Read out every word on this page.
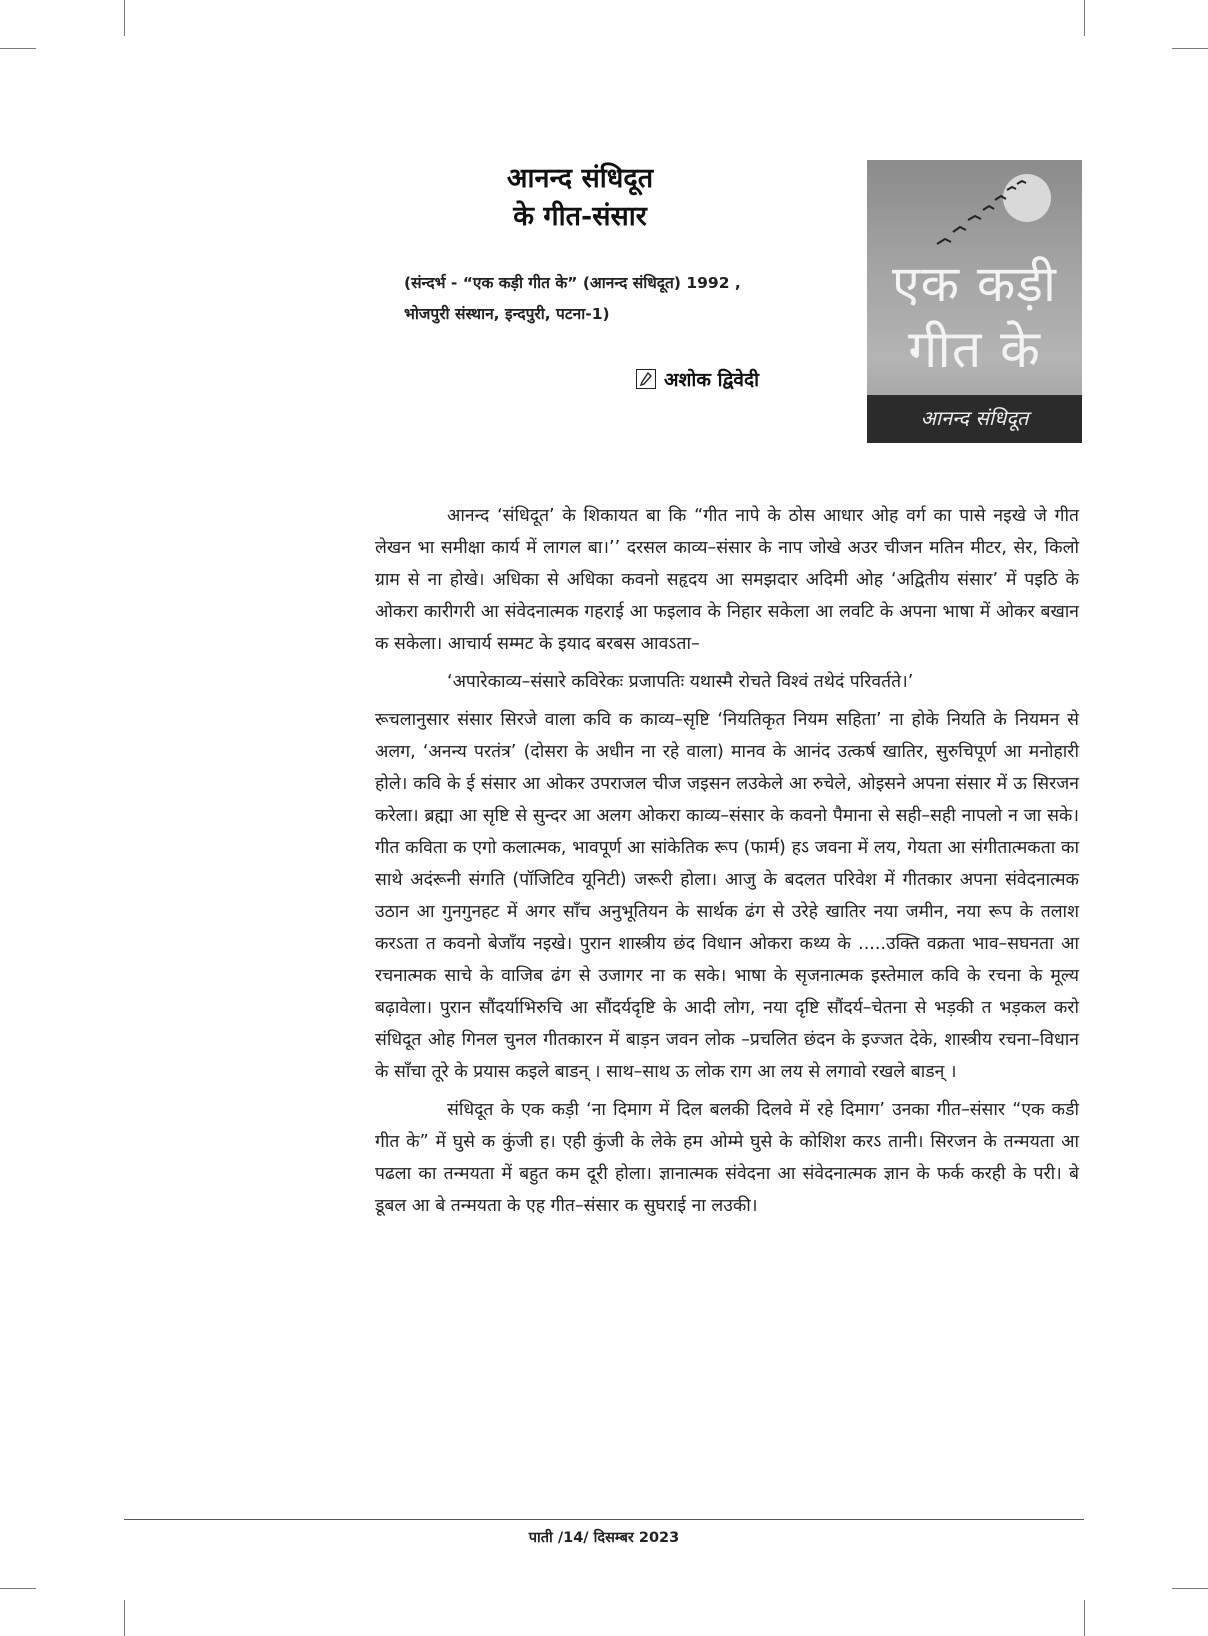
आनन्द संधिदूत
के गीत-संसार
(संन्दर्भ - “एक कड़ी गीत के” (आनन्द संधिदूत) 1992 ,
भोजपुरी संस्थान, इन्दपुरी, पटना-1)
अशोक द्विवेदी
एक कड़ी
गीत के
आनन्द संधिदूत

आनन्द ‘संधिदूत’ के शिकायत बा कि “गीत नापे के ठोस आधार ओह वर्ग का पासे नइखे जे गीत लेखन भा समीक्षा कार्य में लागल बा।’’ दरसल काव्य–संसार के नाप जोखे अउर चीजन मतिन मीटर, सेर, किलो ग्राम से ना होखे। अधिका से अधिका कवनो सहृदय आ समझदार अदिमी ओह ‘अद्वितीय संसार’ में पइठि के ओकरा कारीगरी आ संवेदनात्मक गहराई आ फइलाव के निहार सकेला आ लवटि के अपना भाषा में ओकर बखान क सकेला। आचार्य सम्मट के इयाद बरबस आवऽता–

‘अपारेकाव्य–संसारे कविरेकः प्रजापतिः यथास्मै रोचते विश्वं तथेदं परिवर्तते।’

रूचलानुसार संसार सिरजे वाला कवि क काव्य–सृष्टि ‘नियतिकृत नियम सहिता’ ना होके नियति के नियमन से अलग, ‘अनन्य परतंत्र’ (दोसरा के अधीन ना रहे वाला) मानव के आनंद उत्कर्ष खातिर, सुरुचिपूर्ण आ मनोहारी होले। कवि के ई संसार आ ओकर उपराजल चीज जइसन लउकेले आ रुचेले, ओइसने अपना संसार में ऊ सिरजन करेला। ब्रह्मा आ सृष्टि से सुन्दर आ अलग ओकरा काव्य–संसार के कवनो पैमाना से सही–सही नापलो न जा सके। गीत कविता क एगो कलात्मक, भावपूर्ण आ सांकेतिक रूप (फार्म) हऽ जवना में लय, गेयता आ संगीतात्मकता का साथे अदंरूनी संगति (पॉजिटिव यूनिटी) जरूरी होला। आजु के बदलत परिवेश में गीतकार अपना संवेदनात्मक उठान आ गुनगुनहट में अगर साँच अनुभूतियन के सार्थक ढंग से उरेहे खातिर नया जमीन, नया रूप के तलाश करऽता त कवनो बेजाँय नइखे। पुरान शास्त्रीय छंद विधान ओकरा कथ्य के .....उक्ति वक्रता भाव–सघनता आ रचनात्मक साचे के वाजिब ढंग से उजागर ना क सके। भाषा के सृजनात्मक इस्तेमाल कवि के रचना के मूल्य बढ़ावेला। पुरान सौंदर्याभिरुचि आ सौंदर्यदृष्टि के आदी लोग, नया दृष्टि सौंदर्य–चेतना से भड़की त भड़कल करो संधिदूत ओह गिनल चुनल गीतकारन में बाड़न जवन लोक –प्रचलित छंदन के इज्जत देके, शास्त्रीय रचना–विधान के साँचा तूरे के प्रयास कइले बाडन् । साथ–साथ ऊ लोक राग आ लय से लगावो रखले बाडन् ।

संधिदूत के एक कड़ी ‘ना दिमाग में दिल बलकी दिलवे में रहे दिमाग’ उनका गीत–संसार “एक कडी गीत के” में घुसे क कुंजी ह। एही कुंजी के लेके हम ओम्मे घुसे के कोशिश करऽ तानी। सिरजन के तन्मयता आ पढला का तन्मयता में बहुत कम दूरी होला। ज्ञानात्मक संवेदना आ संवेदनात्मक ज्ञान के फर्क करही के परी। बे डूबल आ बे तन्मयता के एह गीत–संसार क सुघराई ना लउकी।

पाती /14/ दिसम्बर 2023
